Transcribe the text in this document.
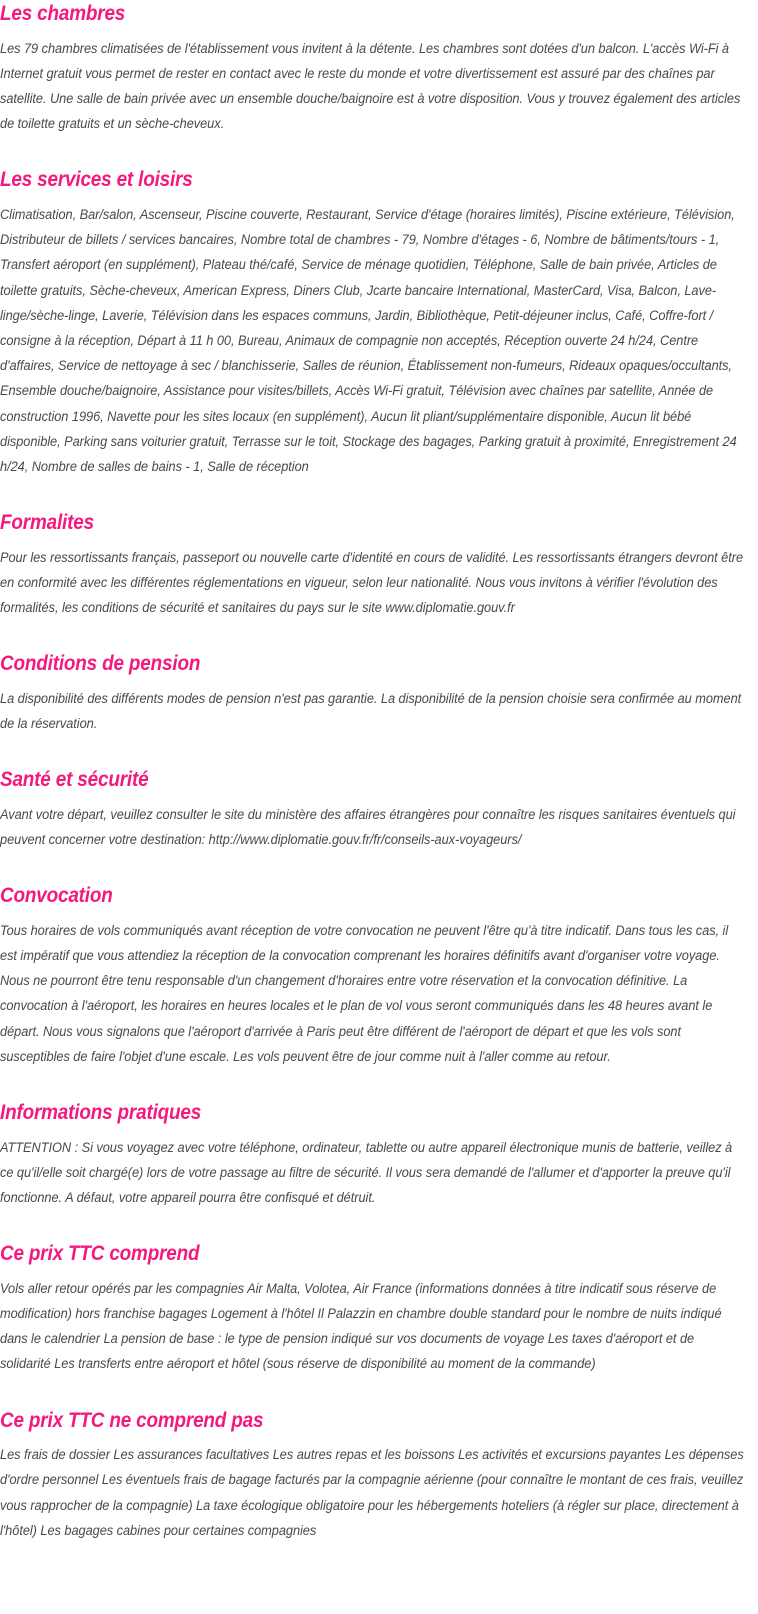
Les chambres

Les 79 chambres climatisées de l'établissement vous invitent à la détente. Les chambres sont dotées d'un balcon. L'accès Wi-Fi à Internet gratuit vous permet de rester en contact avec le reste du monde et votre divertissement est assuré par des chaînes par satellite. Une salle de bain privée avec un ensemble douche/baignoire est à votre disposition. Vous y trouvez également des articles de toilette gratuits et un sèche-cheveux.

Les services et loisirs

Climatisation, Bar/salon, Ascenseur, Piscine couverte, Restaurant, Service d'étage (horaires limités), Piscine extérieure, Télévision, Distributeur de billets / services bancaires, Nombre total de chambres - 79, Nombre d'étages - 6, Nombre de bâtiments/tours - 1, Transfert aéroport (en supplément), Plateau thé/café, Service de ménage quotidien, Téléphone, Salle de bain privée, Articles de toilette gratuits, Sèche-cheveux, American Express, Diners Club, Jcarte bancaire International, MasterCard, Visa, Balcon, Lave-linge/sèche-linge, Laverie, Télévision dans les espaces communs, Jardin, Bibliothèque, Petit-déjeuner inclus, Café, Coffre-fort / consigne à la réception, Départ à 11 h 00, Bureau, Animaux de compagnie non acceptés, Réception ouverte 24 h/24, Centre d'affaires, Service de nettoyage à sec / blanchisserie, Salles de réunion, Établissement non-fumeurs, Rideaux opaques/occultants, Ensemble douche/baignoire, Assistance pour visites/billets, Accès Wi-Fi gratuit, Télévision avec chaînes par satellite, Année de construction 1996, Navette pour les sites locaux (en supplément), Aucun lit pliant/supplémentaire disponible, Aucun lit bébé disponible, Parking sans voiturier gratuit, Terrasse sur le toit, Stockage des bagages, Parking gratuit à proximité, Enregistrement 24 h/24, Nombre de salles de bains - 1, Salle de réception

Formalites

Pour les ressortissants français, passeport ou nouvelle carte d'identité en cours de validité. Les ressortissants étrangers devront être en conformité avec les différentes réglementations en vigueur, selon leur nationalité. Nous vous invitons à vérifier l'évolution des formalités, les conditions de sécurité et sanitaires du pays sur le site www.diplomatie.gouv.fr

Conditions de pension

La disponibilité des différents modes de pension n'est pas garantie. La disponibilité de la pension choisie sera confirmée au moment de la réservation.

Santé et sécurité

Avant votre départ, veuillez consulter le site du ministère des affaires étrangères pour connaître les risques sanitaires éventuels qui peuvent concerner votre destination: http://www.diplomatie.gouv.fr/fr/conseils-aux-voyageurs/

Convocation

Tous horaires de vols communiqués avant réception de votre convocation ne peuvent l'être qu'à titre indicatif. Dans tous les cas, il est impératif que vous attendiez la réception de la convocation comprenant les horaires définitifs avant d'organiser votre voyage. Nous ne pourront être tenu responsable d'un changement d'horaires entre votre réservation et la convocation définitive. La convocation à l'aéroport, les horaires en heures locales et le plan de vol vous seront communiqués dans les 48 heures avant le départ. Nous vous signalons que l'aéroport d'arrivée à Paris peut être différent de l'aéroport de départ et que les vols sont susceptibles de faire l'objet d'une escale. Les vols peuvent être de jour comme nuit à l'aller comme au retour.

Informations pratiques

ATTENTION : Si vous voyagez avec votre téléphone, ordinateur, tablette ou autre appareil électronique munis de batterie, veillez à ce qu'il/elle soit chargé(e) lors de votre passage au filtre de sécurité. Il vous sera demandé de l'allumer et d'apporter la preuve qu'il fonctionne. A défaut, votre appareil pourra être confisqué et détruit.

Ce prix TTC comprend

Vols aller retour opérés par les compagnies Air Malta, Volotea, Air France (informations données à titre indicatif sous réserve de modification) hors franchise bagages Logement à l'hôtel Il Palazzin en chambre double standard pour le nombre de nuits indiqué dans le calendrier La pension de base : le type de pension indiqué sur vos documents de voyage Les taxes d'aéroport et de solidarité Les transferts entre aéroport et hôtel (sous réserve de disponibilité au moment de la commande)

Ce prix TTC ne comprend pas

Les frais de dossier Les assurances facultatives Les autres repas et les boissons Les activités et excursions payantes Les dépenses d'ordre personnel Les éventuels frais de bagage facturés par la compagnie aérienne (pour connaître le montant de ces frais, veuillez vous rapprocher de la compagnie) La taxe écologique obligatoire pour les hébergements hoteliers (à régler sur place, directement à l'hôtel) Les bagages cabines pour certaines compagnies
